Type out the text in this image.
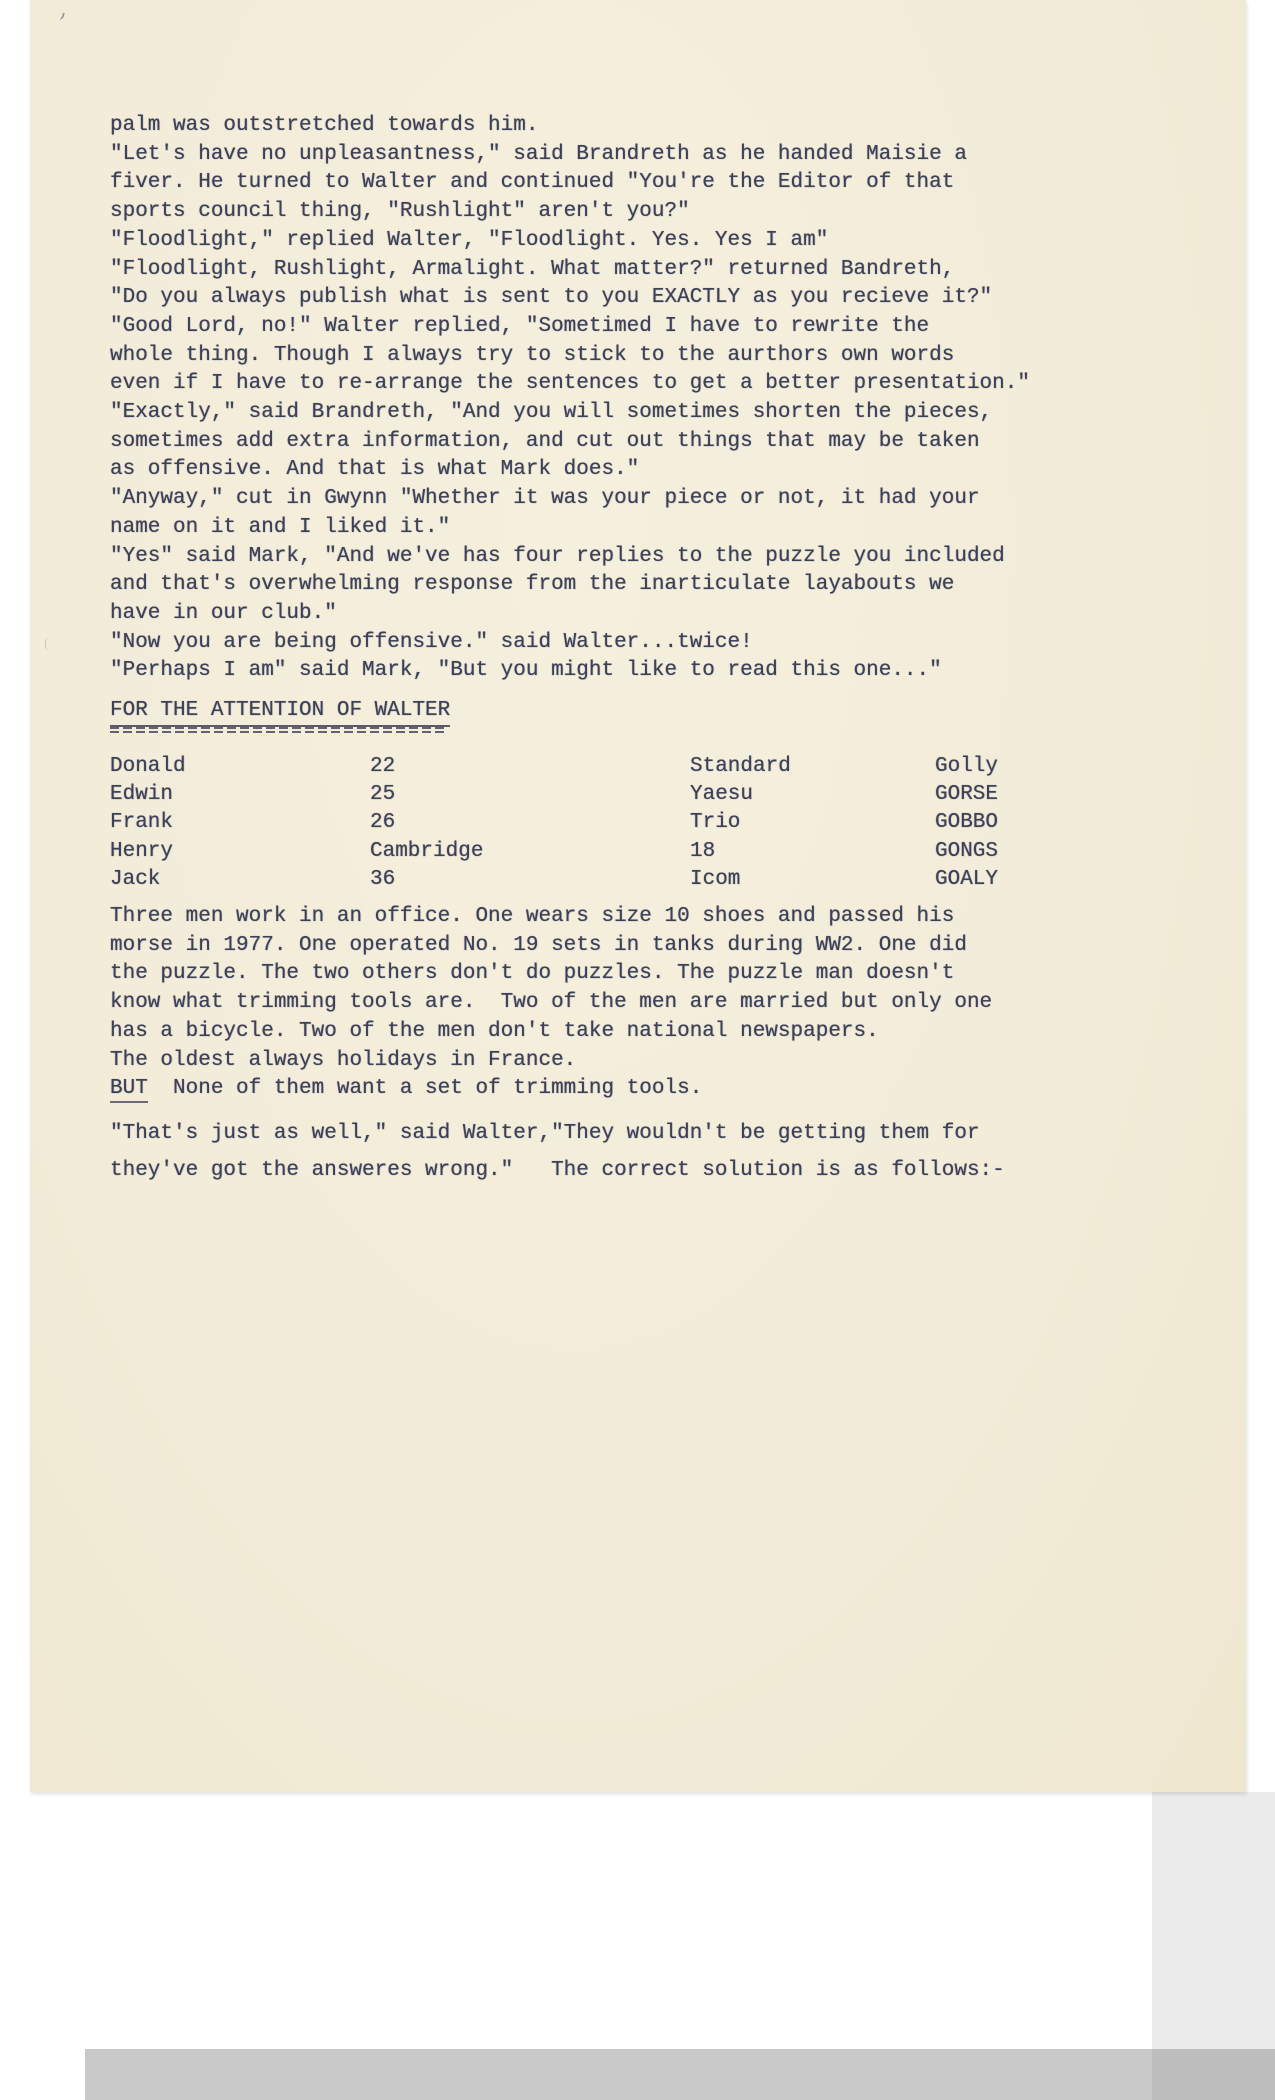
palm was outstretched towards him.
"Let's have no unpleasantness," said Brandreth as he handed Maisie a
fiver. He turned to Walter and continued "You're the Editor of that
sports council thing, "Rushlight" aren't you?"
"Floodlight," replied Walter, "Floodlight. Yes. Yes I am"
"Floodlight, Rushlight, Armalight. What matter?" returned Bandreth,
"Do you always publish what is sent to you EXACTLY as you recieve it?"
"Good Lord, no!" Walter replied, "Sometimed I have to rewrite the
whole thing. Though I always try to stick to the aurthors own words
even if I have to re-arrange the sentences to get a better presentation."
"Exactly," said Brandreth, "And you will sometimes shorten the pieces,
sometimes add extra information, and cut out things that may be taken
as offensive. And that is what Mark does."
"Anyway," cut in Gwynn "Whether it was your piece or not, it had your
name on it and I liked it."
"Yes" said Mark, "And we've has four replies to the puzzle you included
and that's overwhelming response from the inarticulate layabouts we
have in our club."
"Now you are being offensive." said Walter...twice!
"Perhaps I am" said Mark, "But you might like to read this one..."
FOR THE ATTENTION OF WALTER
Donald	22	Standard	Golly
Edwin	25	Yaesu	GORSE
Frank	26	Trio	GOBBO
Henry	Cambridge	18	GONGS
Jack	36	Icom	GOALY
Three men work in an office. One wears size 10 shoes and passed his
morse in 1977. One operated No. 19 sets in tanks during WW2. One did
the puzzle. The two others don't do puzzles. The puzzle man doesn't
know what trimming tools are.  Two of the men are married but only one
has a bicycle. Two of the men don't take national newspapers.
The oldest always holidays in France.
BUT  None of them want a set of trimming tools.
"That's just as well," said Walter,"They wouldn't be getting them for
they've got the answeres wrong."   The correct solution is as follows:-
